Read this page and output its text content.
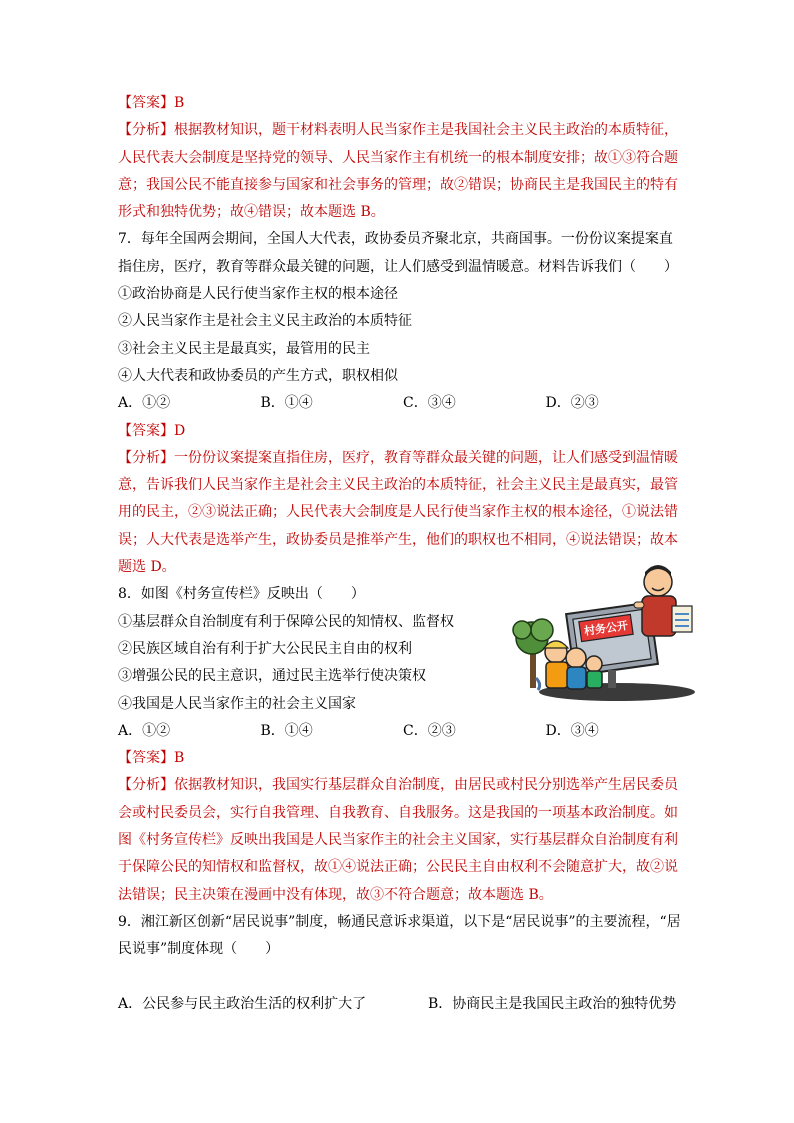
【答案】B
【分析】根据教材知识，题干材料表明人民当家作主是我国社会主义民主政治的本质特征，
人民代表大会制度是坚持党的领导、人民当家作主有机统一的根本制度安排；故①③符合题
意；我国公民不能直接参与国家和社会事务的管理；故②错误；协商民主是我国民主的特有
形式和独特优势；故④错误；故本题选 B。
7．每年全国两会期间，全国人大代表，政协委员齐聚北京，共商国事。一份份议案提案直
指住房，医疗，教育等群众最关键的问题，让人们感受到温情暖意。材料告诉我们（　　）
①政治协商是人民行使当家作主权的根本途径
②人民当家作主是社会主义民主政治的本质特征
③社会主义民主是最真实，最管用的民主
④人大代表和政协委员的产生方式，职权相似
A．①②	B．①④	C．③④	D．②③
【答案】D
【分析】一份份议案提案直指住房，医疗，教育等群众最关键的问题，让人们感受到温情暖
意，告诉我们人民当家作主是社会主义民主政治的本质特征，社会主义民主是最真实，最管
用的民主，②③说法正确；人民代表大会制度是人民行使当家作主权的根本途径，①说法错
误；人大代表是选举产生，政协委员是推举产生，他们的职权也不相同，④说法错误；故本
题选 D。
8．如图《村务宣传栏》反映出（　　）
①基层群众自治制度有利于保障公民的知情权、监督权
②民族区域自治有利于扩大公民民主自由的权利
③增强公民的民主意识，通过民主选举行使决策权
④我国是人民当家作主的社会主义国家
A．①②	B．①④	C．②③	D．③④
【答案】B
【分析】依据教材知识，我国实行基层群众自治制度，由居民或村民分别选举产生居民委员
会或村民委员会，实行自我管理、自我教育、自我服务。这是我国的一项基本政治制度。如
图《村务宣传栏》反映出我国是人民当家作主的社会主义国家，实行基层群众自治制度有利
于保障公民的知情权和监督权，故①④说法正确；公民民主自由权利不会随意扩大，故②说
法错误；民主决策在漫画中没有体现，故③不符合题意；故本题选 B。
9．湘江新区创新“居民说事”制度，畅通民意诉求渠道，以下是“居民说事”的主要流程，“居
民说事”制度体现（　　）
A．公民参与民主政治生活的权利扩大了	B．协商民主是我国民主政治的独特优势
村务公开
